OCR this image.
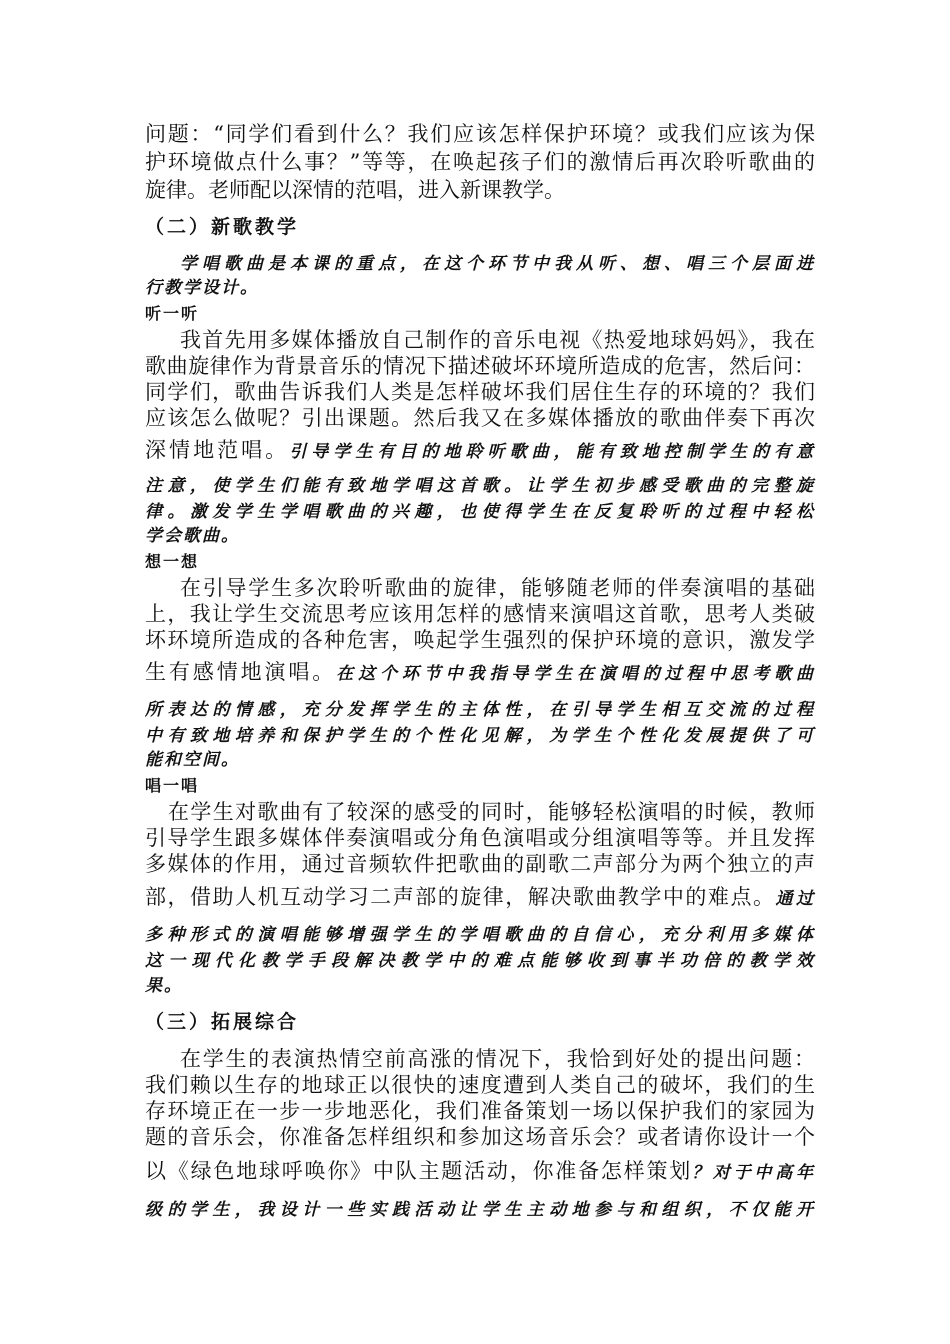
问题：“同学们看到什么？我们应该怎样保护环境？或我们应该为保
护环境做点什么事？”等等，在唤起孩子们的激情后再次聆听歌曲的
旋律。老师配以深情的范唱，进入新课教学。
（二）新歌教学
学唱歌曲是本课的重点，在这个环节中我从听、想、唱三个层面进
行教学设计。
听一听
我首先用多媒体播放自己制作的音乐电视《热爱地球妈妈》，我在
歌曲旋律作为背景音乐的情况下描述破坏环境所造成的危害，然后问：
同学们，歌曲告诉我们人类是怎样破坏我们居住生存的环境的？我们
应该怎么做呢？引出课题。然后我又在多媒体播放的歌曲伴奏下再次
深情地范唱。引导学生有目的地聆听歌曲，能有致地控制学生的有意
注意，使学生们能有致地学唱这首歌。让学生初步感受歌曲的完整旋
律。激发学生学唱歌曲的兴趣，也使得学生在反复聆听的过程中轻松
学会歌曲。
想一想
在引导学生多次聆听歌曲的旋律，能够随老师的伴奏演唱的基础
上，我让学生交流思考应该用怎样的感情来演唱这首歌，思考人类破
坏环境所造成的各种危害，唤起学生强烈的保护环境的意识，激发学
生有感情地演唱。在这个环节中我指导学生在演唱的过程中思考歌曲
所表达的情感，充分发挥学生的主体性，在引导学生相互交流的过程
中有致地培养和保护学生的个性化见解，为学生个性化发展提供了可
能和空间。
唱一唱
在学生对歌曲有了较深的感受的同时，能够轻松演唱的时候，教师
引导学生跟多媒体伴奏演唱或分角色演唱或分组演唱等等。并且发挥
多媒体的作用，通过音频软件把歌曲的副歌二声部分为两个独立的声
部，借助人机互动学习二声部的旋律，解决歌曲教学中的难点。通过
多种形式的演唱能够增强学生的学唱歌曲的自信心，充分利用多媒体
这一现代化教学手段解决教学中的难点能够收到事半功倍的教学效
果。
（三）拓展综合
在学生的表演热情空前高涨的情况下，我恰到好处的提出问题：
我们赖以生存的地球正以很快的速度遭到人类自己的破坏，我们的生
存环境正在一步一步地恶化，我们准备策划一场以保护我们的家园为
题的音乐会，你准备怎样组织和参加这场音乐会？或者请你设计一个
以《绿色地球呼唤你》中队主题活动，你准备怎样策划？对于中高年
级的学生，我设计一些实践活动让学生主动地参与和组织，不仅能开
